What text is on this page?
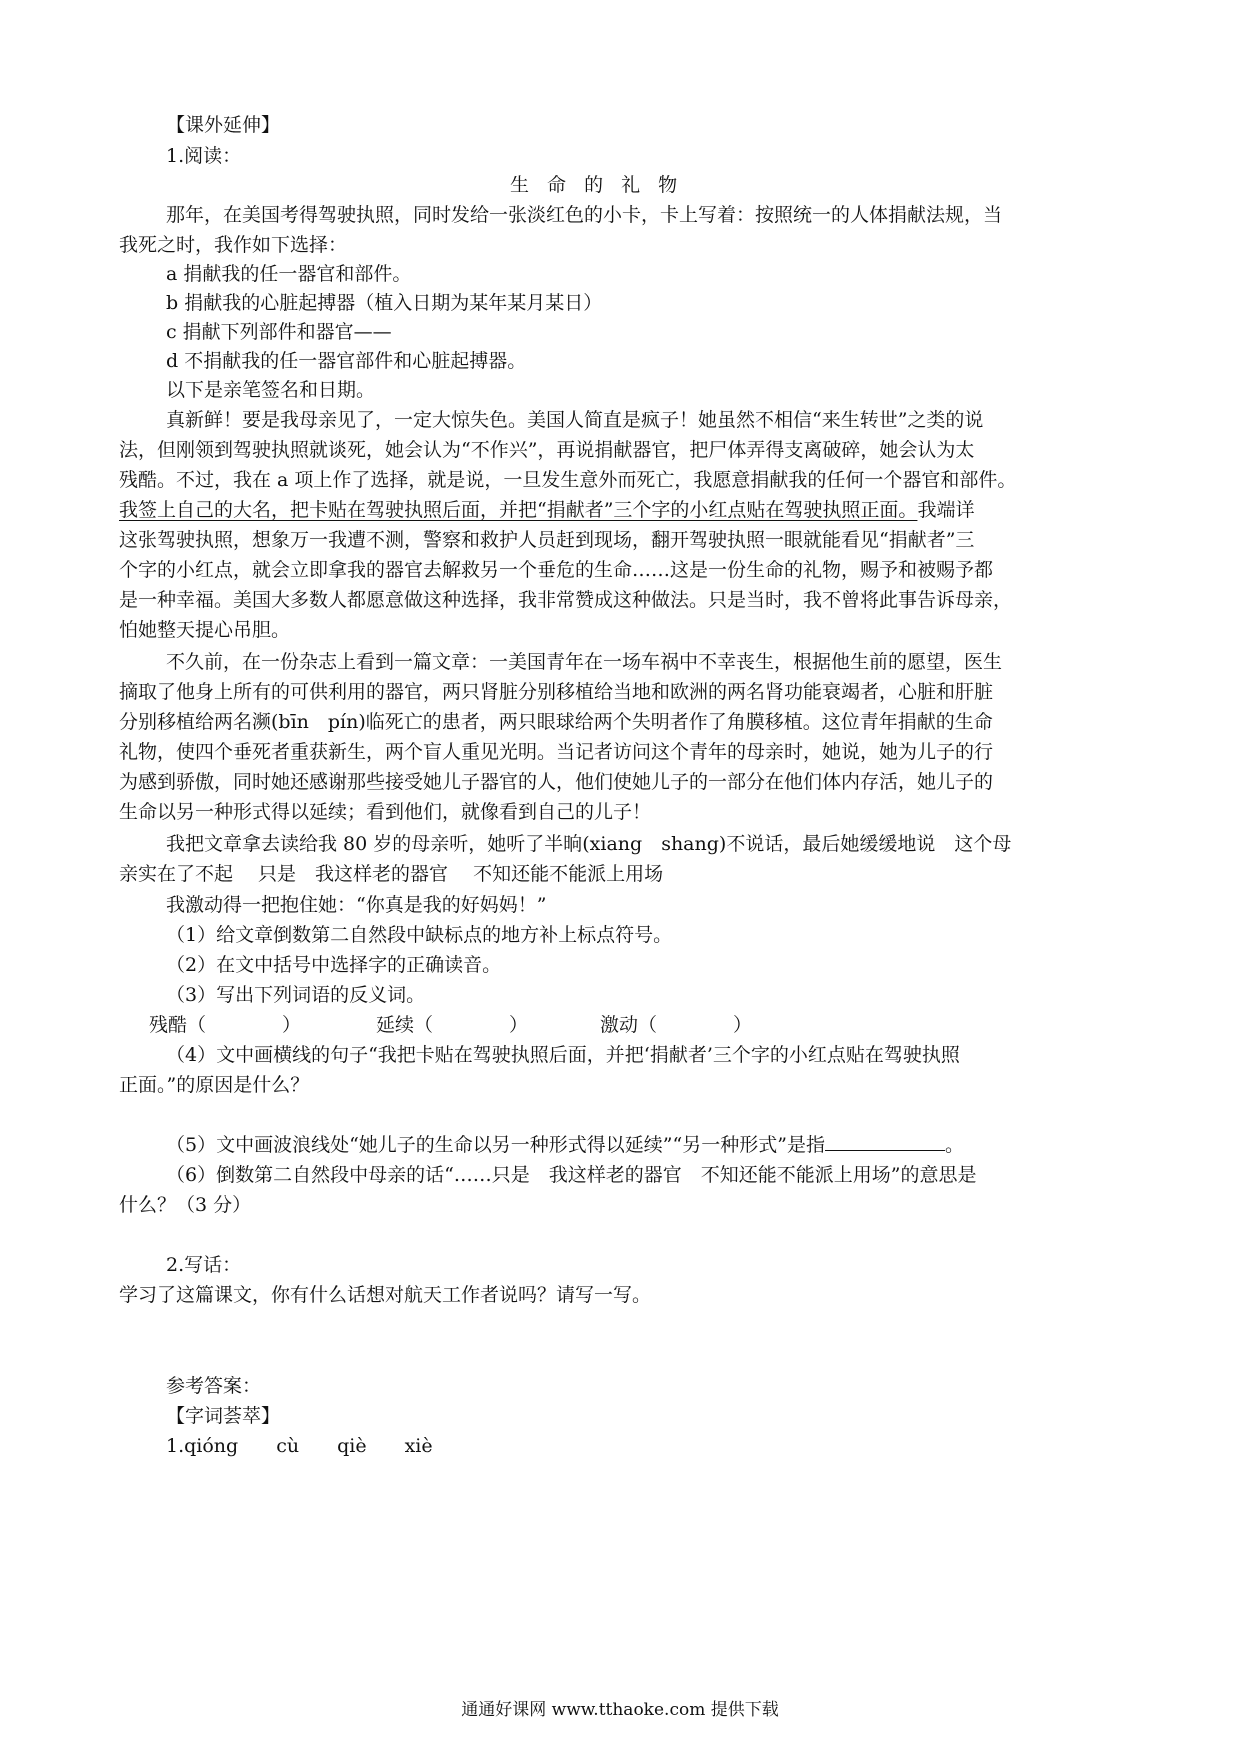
【课外延伸】
1.阅读：
生 命 的 礼 物
那年，在美国考得驾驶执照，同时发给一张淡红色的小卡，卡上写着：按照统一的人体捐献法规，当
我死之时，我作如下选择：
a 捐献我的任一器官和部件。
b 捐献我的心脏起搏器（植入日期为某年某月某日）
c 捐献下列部件和器官——
d 不捐献我的任一器官部件和心脏起搏器。
以下是亲笔签名和日期。
真新鲜！要是我母亲见了，一定大惊失色。美国人简直是疯子！她虽然不相信“来生转世”之类的说
法，但刚领到驾驶执照就谈死，她会认为“不作兴”，再说捐献器官，把尸体弄得支离破碎，她会认为太
残酷。不过，我在 a 项上作了选择，就是说，一旦发生意外而死亡，我愿意捐献我的任何一个器官和部件。
我签上自己的大名，把卡贴在驾驶执照后面，并把“捐献者”三个字的小红点贴在驾驶执照正面。我端详
这张驾驶执照，想象万一我遭不测，警察和救护人员赶到现场，翻开驾驶执照一眼就能看见“捐献者”三
个字的小红点，就会立即拿我的器官去解救另一个垂危的生命……这是一份生命的礼物，赐予和被赐予都
是一种幸福。美国大多数人都愿意做这种选择，我非常赞成这种做法。只是当时，我不曾将此事告诉母亲，
怕她整天提心吊胆。
不久前，在一份杂志上看到一篇文章：一美国青年在一场车祸中不幸丧生，根据他生前的愿望，医生
摘取了他身上所有的可供利用的器官，两只肾脏分别移植给当地和欧洲的两名肾功能衰竭者，心脏和肝脏
分别移植给两名濒(bīn　pín)临死亡的患者，两只眼球给两个失明者作了角膜移植。这位青年捐献的生命
礼物，使四个垂死者重获新生，两个盲人重见光明。当记者访问这个青年的母亲时，她说，她为儿子的行
为感到骄傲，同时她还感谢那些接受她儿子器官的人，他们使她儿子的一部分在他们体内存活，她儿子的
生命以另一种形式得以延续；看到他们，就像看到自己的儿子！
我把文章拿去读给我 80 岁的母亲听，她听了半晌(xiang　shang)不说话，最后她缓缓地说　这个母
亲实在了不起　 只是　我这样老的器官　 不知还能不能派上用场
我激动得一把抱住她：“你真是我的好妈妈！”
（1）给文章倒数第二自然段中缺标点的地方补上标点符号。
（2）在文中括号中选择字的正确读音。
（3）写出下列词语的反义词。
残酷（　　　　）	延续（　　　　）	激动（　　　　）
（4）文中画横线的句子“我把卡贴在驾驶执照后面，并把‘捐献者’三个字的小红点贴在驾驶执照
正面。”的原因是什么？
（5）文中画波浪线处“她儿子的生命以另一种形式得以延续”“另一种形式”是指	。
（6）倒数第二自然段中母亲的话“……只是　我这样老的器官　不知还能不能派上用场”的意思是
什么？（3 分）
2.写话：
学习了这篇课文，你有什么话想对航天工作者说吗？请写一写。
参考答案：
【字词荟萃】
1.qióng　　cù　　qiè　　xiè
通通好课网 www.tthaoke.com 提供下载
